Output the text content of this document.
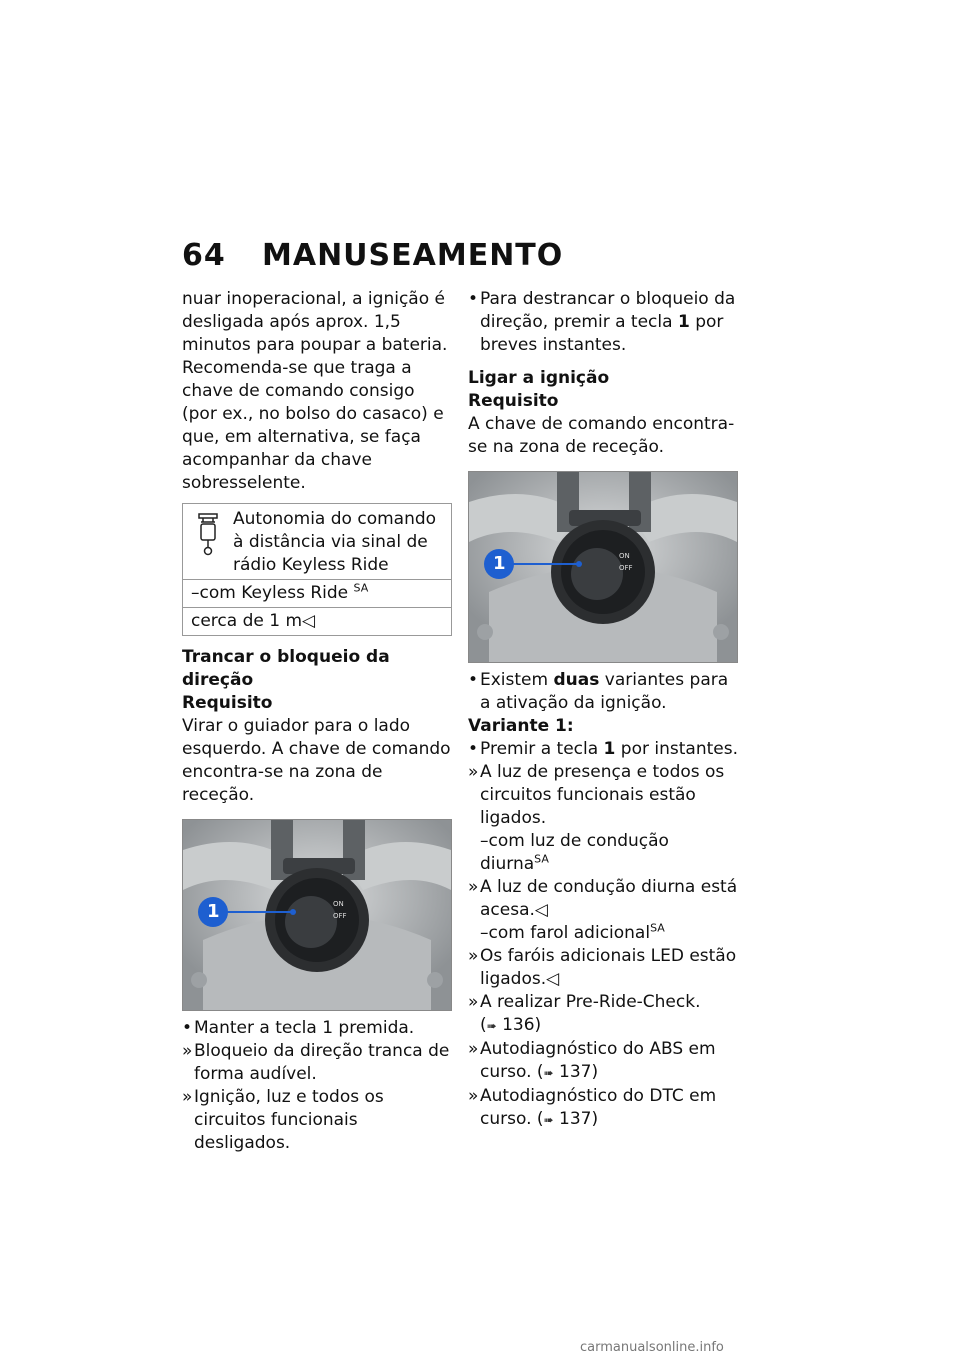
64	MANUSEAMENTO

nuar inoperacional, a ignição é desligada após aprox. 1,5 minutos para poupar a bateria. Recomenda-se que traga a chave de comando consigo (por ex., no bolso do casaco) e que, em alternativa, se faça acompanhar da chave sobresselente.

Autonomia do comando à distância via sinal de rádio Keyless Ride
–com Keyless Ride $^{SA}$
cerca de 1 m◁

Trancar o bloqueio da direção

Requisito

Virar o guiador para o lado esquerdo. A chave de comando encontra-se na zona de receção.

ON
OFF
1
• Manter a tecla 1 premida.
» Bloqueio da direção tranca de forma audível.
» Ignição, luz e todos os circuitos funcionais desligados.
• Para destrancar o bloqueio da direção, premir a tecla 1 por breves instantes.

Ligar a ignição

Requisito

A chave de comando encontra-se na zona de receção.

ON
OFF
1
• Existem duas variantes para a ativação da ignição.

Variante 1:

• Premir a tecla 1 por instantes.
» A luz de presença e todos os circuitos funcionais estão ligados.
–com luz de condução diurna$^{SA}$
» A luz de condução diurna está acesa.◁
–com farol adicional$^{SA}$
» Os faróis adicionais LED estão ligados.◁
» A realizar Pre-Ride-Check. (➠ 136)
» Autodiagnóstico do ABS em curso. (➠ 137)
» Autodiagnóstico do DTC em curso. (➠ 137)
carmanualsonline.info
